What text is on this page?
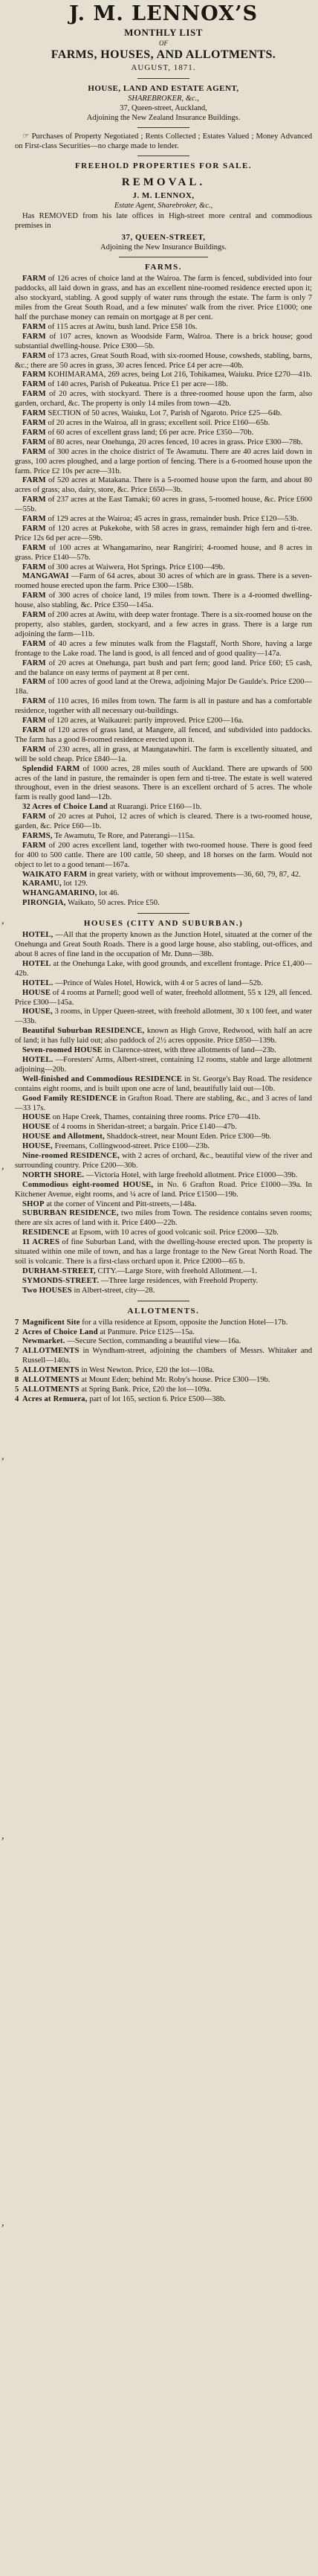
J. M. LENNOX’S
MONTHLY LIST
OF
FARMS, HOUSES, AND ALLOTMENTS.
AUGUST, 1871.
HOUSE, LAND AND ESTATE AGENT,
SHAREBROKER, &c.,
37, Queen-street, Auckland,
Adjoining the New Zealand Insurance Buildings.

☞ Purchases of Property Negotiated ; Rents Collected ; Estates Valued ; Money Advanced on First-class Securities—no charge made to lender.

FREEHOLD PROPERTIES FOR SALE.
REMOVAL.
J. M. LENNOX,
Estate Agent, Sharebroker, &c.,

Has REMOVED from his late offices in High-street more central and commodious premises in

37, QUEEN-STREET,
Adjoining the New Insurance Buildings.
FARMS.

FARM of 126 acres of choice land at the Wairoa. The farm is fenced, subdivided into four paddocks, all laid down in grass, and has an excellent nine-roomed residence erected upon it; also stockyard, stabling. A good supply of water runs through the estate. The farm is only 7 miles from the Great South Road, and a few minutes' walk from the river. Price £1000; one half the purchase money can remain on mortgage at 8 per cent.

FARM of 115 acres at Awitu, bush land. Price £58 10s.

FARM of 107 acres, known as Woodside Farm, Walroa. There is a brick house; good substantial dwelling-house. Price £300—5b.

FARM of 173 acres, Great South Road, with six-roomed House, cowsheds, stabling, barns, &c.; there are 50 acres in grass, 30 acres fenced. Price £4 per acre—40b.

FARM KOHIMARAMA, 269 acres, being Lot 216, Tohikamea, Waiuku. Price £270—41b.

FARM of 140 acres, Parish of Pukeatua. Price £1 per acre—18b.

FARM of 20 acres, with stockyard. There is a three-roomed house upon the farm, also garden, orchard, &c. The property is only 14 miles from town—42b.

FARM SECTION of 50 acres, Waiuku, Lot 7, Parish of Ngaroto. Price £25—64b.

FARM of 20 acres in the Wairoa, all in grass; excellent soil. Price £160—65b.

FARM of 60 acres of excellent grass land; £6 per acre. Price £350—70b.

FARM of 80 acres, near Onehunga, 20 acres fenced, 10 acres in grass. Price £300—78b.

FARM of 300 acres in the choice district of Te Awamutu. There are 40 acres laid down in grass, 100 acres ploughed, and a large portion of fencing. There is a 6-roomed house upon the farm. Price £2 10s per acre—31b.

FARM of 520 acres at Matakana. There is a 5-roomed house upon the farm, and about 80 acres of grass; also, dairy, store, &c. Price £650—3b.

FARM of 237 acres at the East Tamaki; 60 acres in grass, 5-roomed house, &c. Price £600—55b.

FARM of 129 acres at the Wairoa; 45 acres in grass, remainder bush. Price £120—53b.

FARM of 120 acres at Pukekohe, with 58 acres in grass, remainder high fern and ti-tree. Price 12s 6d per acre—59b.

FARM of 100 acres at Whangamarino, near Rangiriri; 4-roomed house, and 8 acres in grass. Price £140—57b.

FARM of 300 acres at Waiwera, Hot Springs. Price £100—49b.

MANGAWAI —Farm of 64 acres, about 30 acres of which are in grass. There is a seven-roomed house erected upon the farm. Price £300—158b.

FARM of 300 acres of choice land, 19 miles from town. There is a 4-roomed dwelling-house, also stabling, &c. Price £350—145a.

FARM of 200 acres at Awitu, with deep water frontage. There is a six-roomed house on the property, also stables, garden, stockyard, and a few acres in grass. There is a large run adjoining the farm—11b.

FARM of 40 acres a few minutes walk from the Flagstaff, North Shore, having a large frontage to the Lake road. The land is good, is all fenced and of good quality—147a.

FARM of 20 acres at Onehunga, part bush and part fern; good land. Price £60; £5 cash, and the balance on easy terms of payment at 8 per cent.

FARM of 100 acres of good land at the Orewa, adjoining Major De Gaulde's. Price £200—18a.

FARM of 110 acres, 16 miles from town. The farm is all in pasture and has a comfortable residence, together with all necessary out-buildings.

FARM of 120 acres, at Waikaurei: partly improved. Price £200—16a.

FARM of 120 acres of grass land, at Mangere, all fenced, and subdivided into paddocks. The farm has a good 8-roomed residence erected upon it.

FARM of 230 acres, all in grass, at Maungatawhiri. The farm is excellently situated, and will be sold cheap. Price £840—1a.

Splendid FARM of 1000 acres, 28 miles south of Auckland. There are upwards of 500 acres of the land in pasture, the remainder is open fern and ti-tree. The estate is well watered throughout, even in the driest seasons. There is an excellent orchard of 5 acres. The whole farm is really good land—12b.

32 Acres of Choice Land at Ruarangi. Price £160—1b.

FARM of 20 acres at Puhoi, 12 acres of which is cleared. There is a two-roomed house, garden, &c. Price £60—1b.

FARMS, Te Awamutu, Te Rore, and Paterangi—115a.

FARM of 200 acres excellent land, together with two-roomed house. There is good feed for 400 to 500 cattle. There are 100 cattle, 50 sheep, and 18 horses on the farm. Would not object to let to a good tenant—167a.

WAIKATO FARM in great variety, with or without improvements—36, 60, 79, 87, 42.

KARAMU, lot 129.

WHANGAMARINO, lot 46.

PIRONGIA, Waikato, 50 acres. Price £50.

HOUSES (CITY AND SUBURBAN.)

HOTEL, —All that the property known as the Junction Hotel, situated at the corner of the Onehunga and Great South Roads. There is a good large house, also stabling, out-offices, and about 8 acres of fine land in the occupation of Mr. Dunn—38b.

HOTEL at the Onehunga Lake, with good grounds, and excellent frontage. Price £1,400—42b.

HOTEL. —Prince of Wales Hotel, Howick, with 4 or 5 acres of land—52b.

HOUSE of 4 rooms at Parnell; good well of water, freehold allotment, 55 x 129, all fenced. Price £300—145a.

HOUSE, 3 rooms, in Upper Queen-street, with freehold allotment, 30 x 100 feet, and water—33b.

Beautiful Suburban RESIDENCE, known as High Grove, Redwood, with half an acre of land; it has fully laid out; also paddock of 2½ acres opposite. Price £850—139b.

Seven-roomed HOUSE in Clarence-street, with three allotments of land—23b.

HOTEL. —Foresters' Arms, Albert-street, containing 12 rooms, stable and large allotment adjoining—20b.

Well-finished and Commodious RESIDENCE in St. George's Bay Road. The residence contains eight rooms, and is built upon one acre of land, beautifully laid out—10b.

Good Family RESIDENCE in Grafton Road. There are stabling, &c., and 3 acres of land—33 17s.

HOUSE on Hape Creek, Thames, containing three rooms. Price £70—41b.

HOUSE of 4 rooms in Sheridan-street; a bargain. Price £140—47b.

HOUSE and Allotment, Shaddock-street, near Mount Eden. Price £300—9b.

HOUSE, Freemans, Collingwood-street. Price £100—23b.

Nine-roomed RESIDENCE, with 2 acres of orchard, &c., beautiful view of the river and surrounding country. Price £200—30b.

NORTH SHORE. —Victoria Hotel, with large freehold allotment. Price £1000—39b.

Commodious eight-roomed HOUSE, in No. 6 Grafton Road. Price £1000—39a. In Kitchener Avenue, eight rooms, and ¼ acre of land. Price £1500—19b.

SHOP at the corner of Vincent and Pitt-streets,—148a.

SUBURBAN RESIDENCE, two miles from Town. The residence contains seven rooms; there are six acres of land with it. Price £400—22b.

RESIDENCE at Epsom, with 10 acres of good volcanic soil. Price £2000—32b.

11 ACRES of fine Suburban Land, with the dwelling-house erected upon. The property is situated within one mile of town, and has a large frontage to the New Great North Road. The soil is volcanic. There is a first-class orchard upon it. Price £2000—65 b.

DURHAM-STREET, CITY.—Large Store, with freehold Allotment.—1.

SYMONDS-STREET. —Three large residences, with Freehold Property.

Two HOUSES in Albert-street, city—28.

ALLOTMENTS.

7 Magnificent Site for a villa residence at Epsom, opposite the Junction Hotel—17b.

2 Acres of Choice Land at Panmure. Price £125—15a.

Newmarket. —Secure Section, commanding a beautiful view—16a.

7 ALLOTMENTS in Wyndham-street, adjoining the chambers of Messrs. Whitaker and Russell—140a.

5 ALLOTMENTS in West Newton. Price, £20 the lot—108a.

8 ALLOTMENTS at Mount Eden; behind Mr. Roby's house. Price £300—19b.

5 ALLOTMENTS at Spring Bank. Price, £20 the lot—109a.

4 Acres at Remuera, part of lot 165, section 6. Price £500—38b.

,
,
,
,
,
